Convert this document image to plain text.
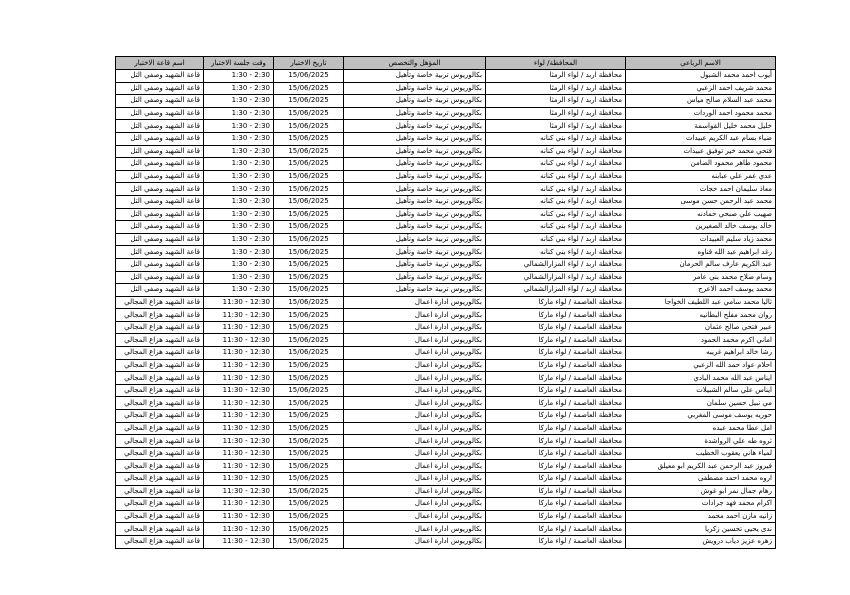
الاسم الرباعي	المحافظة/ لواء	المؤهل والتخصص	تاريخ الاختبار	وقت جلسة الاختبار	اسم قاعة الاختبار
أيوب احمد محمد الشبول	محافظة اربد / لواء الرمثا	بكالوريوس تربية خاصة وتأهيل	15/06/2025	1:30 - 2:30	قاعة الشهيد وصفي التل
محمد شريف احمد الزعبي	محافظة اربد / لواء الرمثا	بكالوريوس تربية خاصة وتأهيل	15/06/2025	1:30 - 2:30	قاعة الشهيد وصفي التل
محمد عبد السلام صالح مياس	محافظة اربد / لواء الرمثا	بكالوريوس تربية خاصة وتأهيل	15/06/2025	1:30 - 2:30	قاعة الشهيد وصفي التل
محمد محمود احمد الوردات	محافظة اربد / لواء الرمثا	بكالوريوس تربية خاصة وتأهيل	15/06/2025	1:30 - 2:30	قاعة الشهيد وصفي التل
خليل محمد خليل القواسمة	محافظة اربد / لواء الرمثا	بكالوريوس تربية خاصة وتأهيل	15/06/2025	1:30 - 2:30	قاعة الشهيد وصفي التل
ضياء بسام عبد الكريم عبيدات	محافظة اربد / لواء بني كنانه	بكالوريوس تربية خاصة وتأهيل	15/06/2025	1:30 - 2:30	قاعة الشهيد وصفي التل
فتحي محمد خير توفيق عبيدات	محافظة اربد / لواء بني كنانه	بكالوريوس تربية خاصة وتأهيل	15/06/2025	1:30 - 2:30	قاعة الشهيد وصفي التل
محمود طاهر محمود الضامن	محافظة اربد / لواء بني كنانه	بكالوريوس تربية خاصة وتأهيل	15/06/2025	1:30 - 2:30	قاعة الشهيد وصفي التل
عدي عمر علي عبابنه	محافظة اربد / لواء بني كنانه	بكالوريوس تربية خاصة وتأهيل	15/06/2025	1:30 - 2:30	قاعة الشهيد وصفي التل
معاذ سليمان احمد حجات	محافظة اربد / لواء بني كنانه	بكالوريوس تربية خاصة وتأهيل	15/06/2025	1:30 - 2:30	قاعة الشهيد وصفي التل
محمد عبد الرحمن حسن موسى	محافظة اربد / لواء بني كنانه	بكالوريوس تربية خاصة وتأهيل	15/06/2025	1:30 - 2:30	قاعة الشهيد وصفي التل
صهيب علي صبحي حمادنه	محافظة اربد / لواء بني كنانه	بكالوريوس تربية خاصة وتأهيل	15/06/2025	1:30 - 2:30	قاعة الشهيد وصفي التل
خالد يوسف خالد الصغيرين	محافظة اربد / لواء بني كنانه	بكالوريوس تربية خاصة وتأهيل	15/06/2025	1:30 - 2:30	قاعة الشهيد وصفي التل
محمد زياد سليم العبيدات	محافظة اربد / لواء بني كنانه	بكالوريوس تربية خاصة وتأهيل	15/06/2025	1:30 - 2:30	قاعة الشهيد وصفي التل
رغد ابراهيم عبد الله قناوه	محافظة اربد / لواء بني كنانه	بكالوريوس تربية خاصة وتأهيل	15/06/2025	1:30 - 2:30	قاعة الشهيد وصفي التل
عبد الكريم عارف سالم الحرمان	محافظة اربد / لواء المزارالشمالي	بكالوريوس تربية خاصة وتأهيل	15/06/2025	1:30 - 2:30	قاعة الشهيد وصفي التل
وسام صلاح محمد بني عامر	محافظة اربد / لواء المزارالشمالي	بكالوريوس تربية خاصة وتأهيل	15/06/2025	1:30 - 2:30	قاعة الشهيد وصفي التل
محمد يوسف احمد الاعرج	محافظة اربد / لواء المزارالشمالي	بكالوريوس تربية خاصة وتأهيل	15/06/2025	1:30 - 2:30	قاعة الشهيد وصفي التل
ثاليا محمد سامي عبد اللطيف الخواجا	محافظة العاصمة / لواء ماركا	بكالوريوس ادارة اعمال	15/06/2025	11:30 - 12:30	قاعة الشهيد هزاع المجالي
روان محمد مفلح البطانيه	محافظة العاصمة / لواء ماركا	بكالوريوس ادارة اعمال	15/06/2025	11:30 - 12:30	قاعة الشهيد هزاع المجالي
عبير فتحي صالح عثمان	محافظة العاصمة / لواء ماركا	بكالوريوس ادارة اعمال	15/06/2025	11:30 - 12:30	قاعة الشهيد هزاع المجالي
اماني اكرم محمد الحمود	محافظة العاصمة / لواء ماركا	بكالوريوس ادارة اعمال	15/06/2025	11:30 - 12:30	قاعة الشهيد هزاع المجالي
رشا خالد ابراهيم غريبه	محافظة العاصمة / لواء ماركا	بكالوريوس ادارة اعمال	15/06/2025	11:30 - 12:30	قاعة الشهيد هزاع المجالي
احلام عواد حمد الله الزعبي	محافظة العاصمة / لواء ماركا	بكالوريوس ادارة اعمال	15/06/2025	11:30 - 12:30	قاعة الشهيد هزاع المجالي
ايناس عبد الله محمد البادي	محافظة العاصمة / لواء ماركا	بكالوريوس ادارة اعمال	15/06/2025	11:30 - 12:30	قاعة الشهيد هزاع المجالي
ايناس علي سالم الشبيلات	محافظة العاصمة / لواء ماركا	بكالوريوس ادارة اعمال	15/06/2025	11:30 - 12:30	قاعة الشهيد هزاع المجالي
مي نبيل حسين سلمان	محافظة العاصمة / لواء ماركا	بكالوريوس ادارة اعمال	15/06/2025	11:30 - 12:30	قاعة الشهيد هزاع المجالي
حوريه يوسف موسى المغربي	محافظة العاصمة / لواء ماركا	بكالوريوس ادارة اعمال	15/06/2025	11:30 - 12:30	قاعة الشهيد هزاع المجالي
امل عطا محمد عبده	محافظة العاصمة / لواء ماركا	بكالوريوس ادارة اعمال	15/06/2025	11:30 - 12:30	قاعة الشهيد هزاع المجالي
ثروه طه علي الرواشدة	محافظة العاصمة / لواء ماركا	بكالوريوس ادارة اعمال	15/06/2025	11:30 - 12:30	قاعة الشهيد هزاع المجالي
لمياء هاني يعقوب الخطيب	محافظة العاصمة / لواء ماركا	بكالوريوس ادارة اعمال	15/06/2025	11:30 - 12:30	قاعة الشهيد هزاع المجالي
فيروز عبد الرحمن عبد الكريم ابو معيلق	محافظة العاصمة / لواء ماركا	بكالوريوس ادارة اعمال	15/06/2025	11:30 - 12:30	قاعة الشهيد هزاع المجالي
اروه محمد احمد مصطفى	محافظة العاصمة / لواء ماركا	بكالوريوس ادارة اعمال	15/06/2025	11:30 - 12:30	قاعة الشهيد هزاع المجالي
رهام جمال نمر ابو غوش	محافظة العاصمة / لواء ماركا	بكالوريوس ادارة اعمال	15/06/2025	11:30 - 12:30	قاعة الشهيد هزاع المجالي
اكرام محمد فهد جرادات	محافظة العاصمة / لواء ماركا	بكالوريوس ادارة اعمال	15/06/2025	11:30 - 12:30	قاعة الشهيد هزاع المجالي
زانيه مازن احمد محمد	محافظة العاصمة / لواء ماركا	بكالوريوس ادارة اعمال	15/06/2025	11:30 - 12:30	قاعة الشهيد هزاع المجالي
ندى يحيى تحسين زكريا	محافظة العاصمة / لواء ماركا	بكالوريوس ادارة اعمال	15/06/2025	11:30 - 12:30	قاعة الشهيد هزاع المجالي
زهره عزيز دياب درويش	محافظة العاصمة / لواء ماركا	بكالوريوس ادارة اعمال	15/06/2025	11:30 - 12:30	قاعة الشهيد هزاع المجالي
